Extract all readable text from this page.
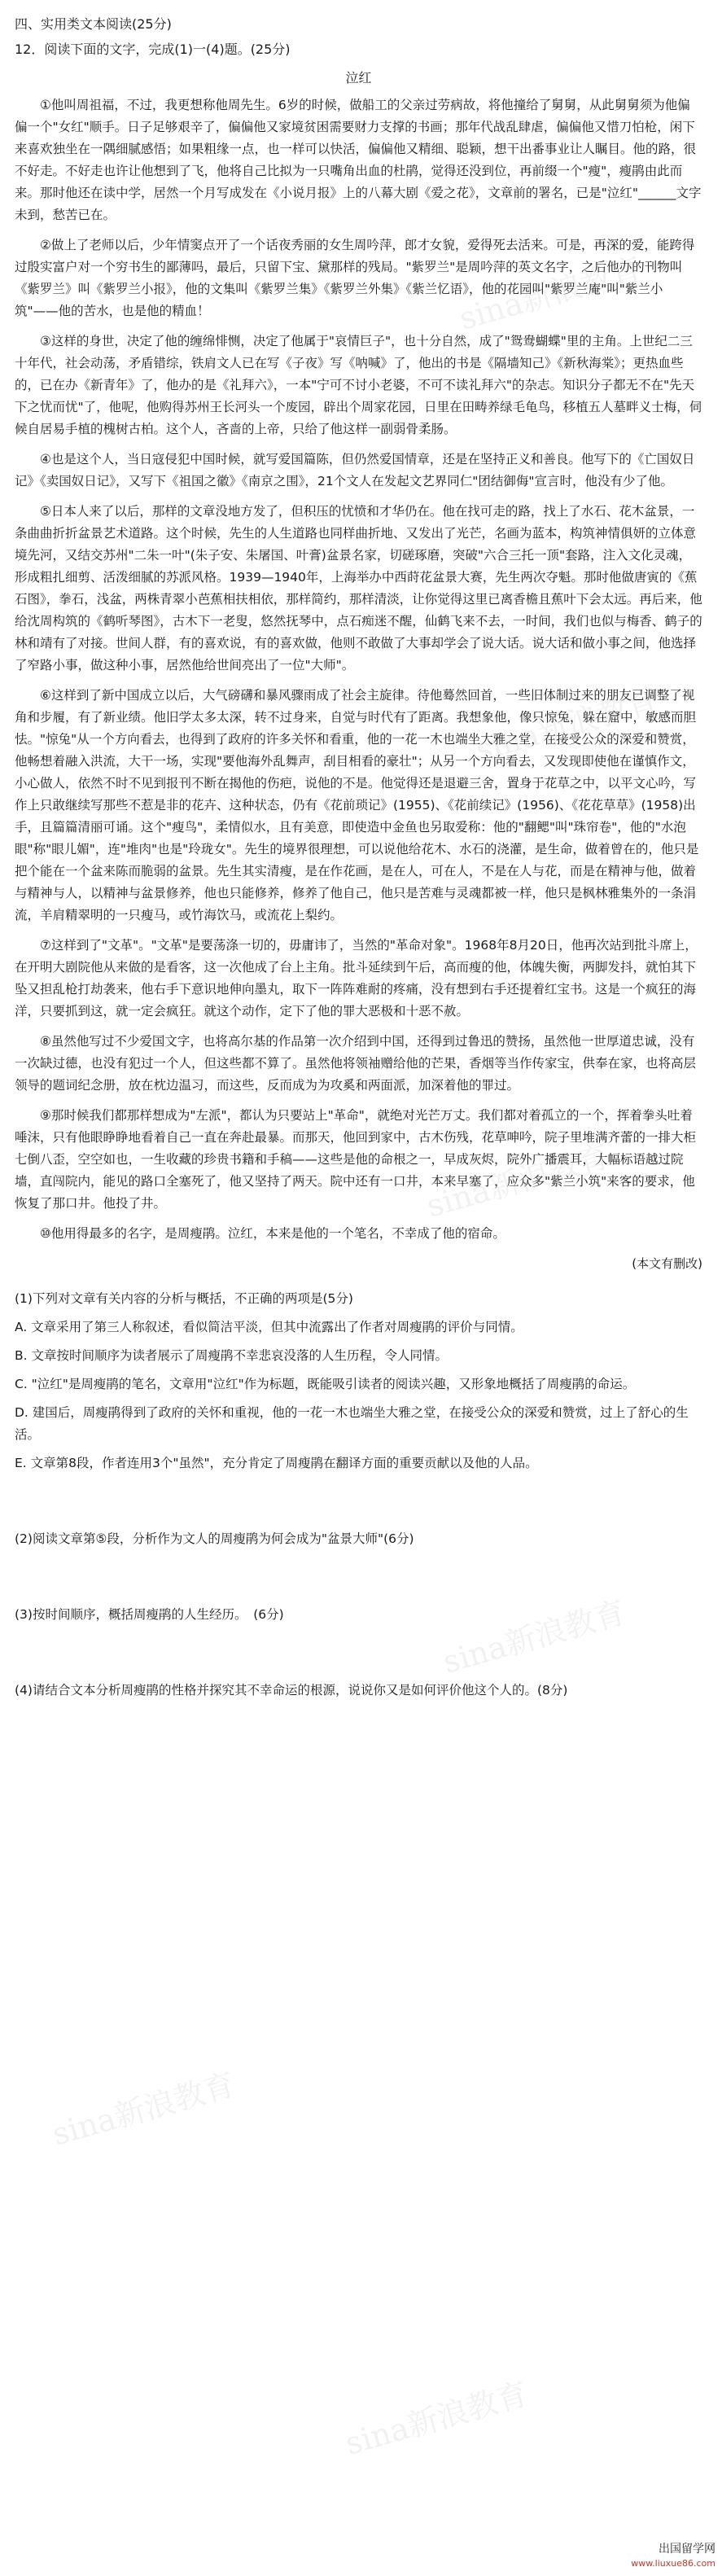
四、实用类文本阅读(25分)

12．阅读下面的文字，完成(1)一(4)题。(25分)

泣红

①他叫周祖福，不过，我更想称他周先生。6岁的时候，做船工的父亲过劳病故，将他撞给了舅舅，从此舅舅须为他偏偏一个"女红"顺手。日子足够艰辛了，偏偏他又家境贫困需要财力支撑的书画；那年代战乱肆虐，偏偏他又惜刀怕枪，闲下来喜欢独坐在一隅细腻感悟；如果粗缘一点，也一样可以快活，偏偏他又精细、聪颖，想干出番事业让人瞩目。他的路，很不好走。不好走也许让他想到了飞，他将自己比拟为一只嘴角出血的杜鹃，觉得还没到位，再前缀一个"瘦"，瘦鹃由此而来。那时他还在读中学，居然一个月写成发在《小说月报》上的八幕大剧《爱之花》，文章前的署名，已是"泣红"______文字未到，愁苦已在。

②做上了老师以后，少年情窦点开了一个话夜秀丽的女生周吟萍，郎才女貌，爱得死去活来。可是，再深的爱，能跨得过殷实富户对一个穷书生的鄙薄吗，最后，只留下宝、黛那样的残局。"紫罗兰"是周吟萍的英文名字，之后他办的刊物叫《紫罗兰》叫《紫罗兰小报》，他的文集叫《紫罗兰集》《紫罗兰外集》《紫兰忆语》，他的花园叫"紫罗兰庵"叫"紫兰小筑"——他的苦水，也是他的精血！

③这样的身世，决定了他的缠绵悱恻，决定了他属于"哀情巨子"，也十分自然，成了"鸳鸯蝴蝶"里的主角。上世纪二三十年代，社会动荡，矛盾错综，铁肩文人已在写《子夜》写《呐喊》了，他出的书是《隔墙知己》《新秋海棠》；更热血些的，已在办《新青年》了，他办的是《礼拜六》，一本"宁可不讨小老婆，不可不读礼拜六"的杂志。知识分子都无不在"先天下之忧而忧"了，他呢，他购得苏州王长河头一个废园，辟出个周家花园，日里在田畴养绿毛龟鸟，移植五人墓畔义士梅，伺候自居易手植的槐树古柏。这个人，吝啬的上帝，只给了他这样一副弱骨柔肠。

④也是这个人，当日寇侵犯中国时候，就写爱国篇陈，但仍然爱国情章，还是在坚持正义和善良。他写下的《亡国奴日记》《卖国奴日记》，又写下《祖国之徽》《南京之围》，21个文人在发起文艺界同仁"团结御侮"宣言时，他没有少了他。

⑤日本人来了以后，那样的文章没地方发了，但积压的忧愤和才华仍在。他在找可走的路，找上了水石、花木盆景，一条曲曲折折盆景艺术道路。这个时候，先生的人生道路也同样曲折地、又发出了光芒，名画为蓝本，构筑神情俱妍的立体意境先河，又结交苏州"二朱一叶"(朱子安、朱屠国、叶膏)盆景名家，切磋琢磨，突破"六合三托一顶"套路，注入文化灵魂，形成粗扎细剪、活泼细腻的苏派风格。1939—1940年，上海举办中西莳花盆景大赛，先生两次夺魁。那时他做唐寅的《蕉石图》，拳石，浅盆，两株青翠小芭蕉相扶相依，那样简约，那样清淡，让你觉得这里已离香檐且蕉叶下会太远。再后来，他给沈周构筑的《鹤听琴图》，古木下一老叟，悠然抚琴中，点石痴迷不醒，仙鹤飞来不去，一时间，我们也似与梅香、鹤子的林和靖有了对接。世间人群，有的喜欢说，有的喜欢做，他则不敢做了大事却学会了说大话。说大话和做小事之间，他选择了窄路小事，做这种小事，居然他给世间亮出了一位"大师"。

⑥这样到了新中国成立以后，大气磅礴和暴风骤雨成了社会主旋律。待他蓦然回首，一些旧体制过来的朋友已调整了视角和步履，有了新业绩。他旧学太多太深，转不过身来，自觉与时代有了距离。我想象他，像只惊兔，躲在窟中，敏感而胆怯。"惊兔"从一个方向看去，也得到了政府的许多关怀和看重，他的一花一木也端坐大雅之堂，在接受公众的深爱和赞赏，他畅想着融入洪流，大干一场，实现"要他海外乱舞声，刮目相看的豪壮"；从另一个方向看去，又发现即使他在谨慎作文，小心做人，依然不时不见到报刊不断在揭他的伤疤，说他的不是。他觉得还是退避三舍，置身于花草之中，以平文心吟，写作上只敢继续写那些不惹是非的花卉、这种状态，仍有《花前琐记》(1955)、《花前续记》(1956)、《花花草草》(1958)出手，且篇篇清丽可诵。这个"瘦鸟"，柔情似水，且有美意，即使造中金鱼也另取爱称：他的"翻鳃"叫"珠帘卷"，他的"水泡眼"称"眼儿媚"，连"堆肉"也是"玲珑女"。先生的境界很理想，可以说他给花木、水石的浇灌，是生命，做着曾在的，他只是把个能在一个盆来陈而脆弱的盆景。先生其实清瘦，是在作花画，是在人，可在人，不是在人与花，而是在精神与他，做着与精神与人，以精神与盆景修养，他也只能修养，修养了他自己，他只是苦难与灵魂都被一样，他只是枫林雅集外的一条涓流，羊肩精翠明的一只瘦马，或竹海饮马，或流花上梨约。

⑦这样到了"文革"。"文革"是要荡涤一切的，毋庸讳了，当然的"革命对象"。1968年8月20日，他再次站到批斗席上，在开明大剧院他从来做的是看客，这一次他成了台上主角。批斗延续到午后，高而瘦的他，体魄失衡，两脚发抖，就怕其下坠又担乱枪打劫袭来，他右手下意识地伸向墨丸，取下一阵阵难耐的疼痛，没有想到右手还提着红宝书。这是一个疯狂的海洋，只要抓到这，就一定会疯狂。就这个动作，定下了他的罪大恶极和十恶不赦。

⑧虽然他写过不少爱国文字，也将高尔基的作品第一次介绍到中国，还得到过鲁迅的赞扬，虽然他一世厚道忠诚，没有一次缺过德，也没有犯过一个人，但这些都不算了。虽然他将领袖赠给他的芒果，香烟等当作传家宝，供奉在家，也将高层领导的题词纪念册，放在枕边温习，而这些，反而成为为攻奚和两面派，加深着他的罪过。

⑨那时候我们都那样想成为"左派"，都认为只要站上"革命"，就绝对光芒万丈。我们都对着孤立的一个，挥着拳头吐着唾沫，只有他眼睁睁地看着自己一直在奔赴最暴。而那天，他回到家中，古木伤残，花草呻吟，院子里堆满齐蕾的一排大柜七倒八歪，空空如也，一生收藏的珍贵书籍和手稿——这些是他的命根之一，早成灰烬，院外广播震耳，大幅标语越过院墙，直闯院内，能见的路口全塞死了，他又坚持了两天。院中还有一口井，本来早塞了，应众多"紫兰小筑"来客的要求，他恢复了那口井。他投了井。

⑩他用得最多的名字，是周瘦鹃。泣红，本来是他的一个笔名，不幸成了他的宿命。

(本文有删改)

(1)下列对文章有关内容的分析与概括，不正确的两项是(5分)

A. 文章采用了第三人称叙述，看似简洁平淡，但其中流露出了作者对周瘦鹃的评价与同情。

B. 文章按时间顺序为读者展示了周瘦鹃不幸悲哀没落的人生历程，令人同情。

C. "泣红"是周瘦鹃的笔名，文章用"泣红"作为标题，既能吸引读者的阅读兴趣，又形象地概括了周瘦鹃的命运。

D. 建国后，周瘦鹃得到了政府的关怀和重视，他的一花一木也端坐大雅之堂，在接受公众的深爱和赞赏，过上了舒心的生活。

E. 文章第8段，作者连用3个"虽然"，充分肯定了周瘦鹃在翻译方面的重要贡献以及他的人品。

(2)阅读文章第⑤段，分析作为文人的周瘦鹃为何会成为"盆景大师"(6分)

(3)按时间顺序，概括周瘦鹃的人生经历。　(6分)

(4)请结合文本分析周瘦鹃的性格并探究其不幸命运的根源，说说你又是如何评价他这个人的。(8分)

sina新浪教育
sina新浪教育
sina新浪教育
sina新浪教育
sina新浪教育
sina新浪教育
出国留学网
www.liuxue86.com
